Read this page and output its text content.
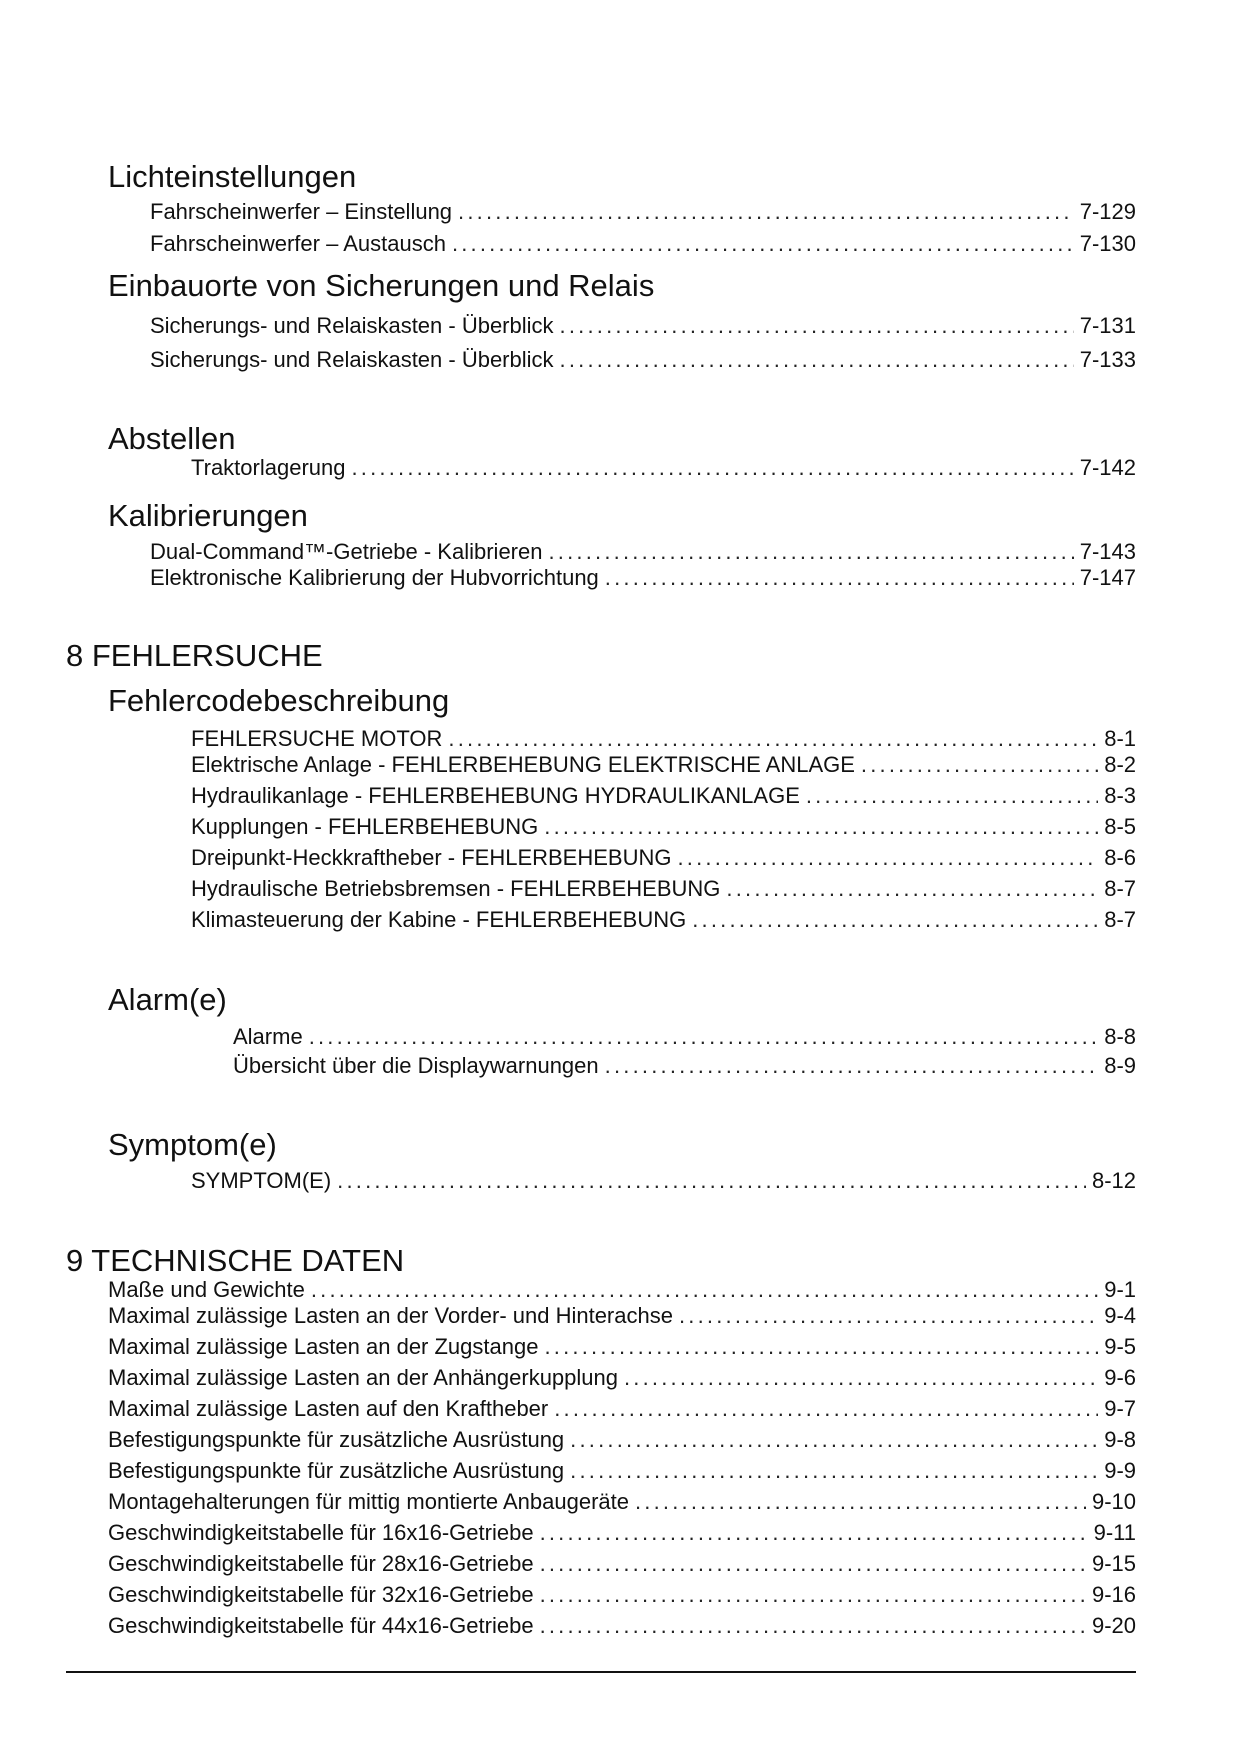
Lichteinstellungen
Fahrscheinwerfer – Einstellung .....	7-129
Fahrscheinwerfer – Austausch .....	7-130
Einbauorte von Sicherungen und Relais
Sicherungs- und Relaiskasten - Überblick .....	7-131
Sicherungs- und Relaiskasten - Überblick .....	7-133
Abstellen
Traktorlagerung .....	7-142
Kalibrierungen
Dual-Command™-Getriebe - Kalibrieren .....	7-143
Elektronische Kalibrierung der Hubvorrichtung .....	7-147
8 FEHLERSUCHE
Fehlercodebeschreibung
FEHLERSUCHE MOTOR .....	8-1
Elektrische Anlage - FEHLERBEHEBUNG ELEKTRISCHE ANLAGE .....	8-2
Hydraulikanlage - FEHLERBEHEBUNG HYDRAULIKANLAGE .....	8-3
Kupplungen - FEHLERBEHEBUNG .....	8-5
Dreipunkt-Heckkraftheber - FEHLERBEHEBUNG .....	8-6
Hydraulische Betriebsbremsen - FEHLERBEHEBUNG .....	8-7
Klimasteuerung der Kabine - FEHLERBEHEBUNG .....	8-7
Alarm(e)
Alarme .....	8-8
Übersicht über die Displaywarnungen .....	8-9
Symptom(e)
SYMPTOM(E) .....	8-12
9 TECHNISCHE DATEN
Maße und Gewichte .....	9-1
Maximal zulässige Lasten an der Vorder- und Hinterachse .....	9-4
Maximal zulässige Lasten an der Zugstange .....	9-5
Maximal zulässige Lasten an der Anhängerkupplung .....	9-6
Maximal zulässige Lasten auf den Kraftheber .....	9-7
Befestigungspunkte für zusätzliche Ausrüstung .....	9-8
Befestigungspunkte für zusätzliche Ausrüstung .....	9-9
Montagehalterungen für mittig montierte Anbaugeräte .....	9-10
Geschwindigkeitstabelle für 16x16-Getriebe .....	9-11
Geschwindigkeitstabelle für 28x16-Getriebe .....	9-15
Geschwindigkeitstabelle für 32x16-Getriebe .....	9-16
Geschwindigkeitstabelle für 44x16-Getriebe .....	9-20
